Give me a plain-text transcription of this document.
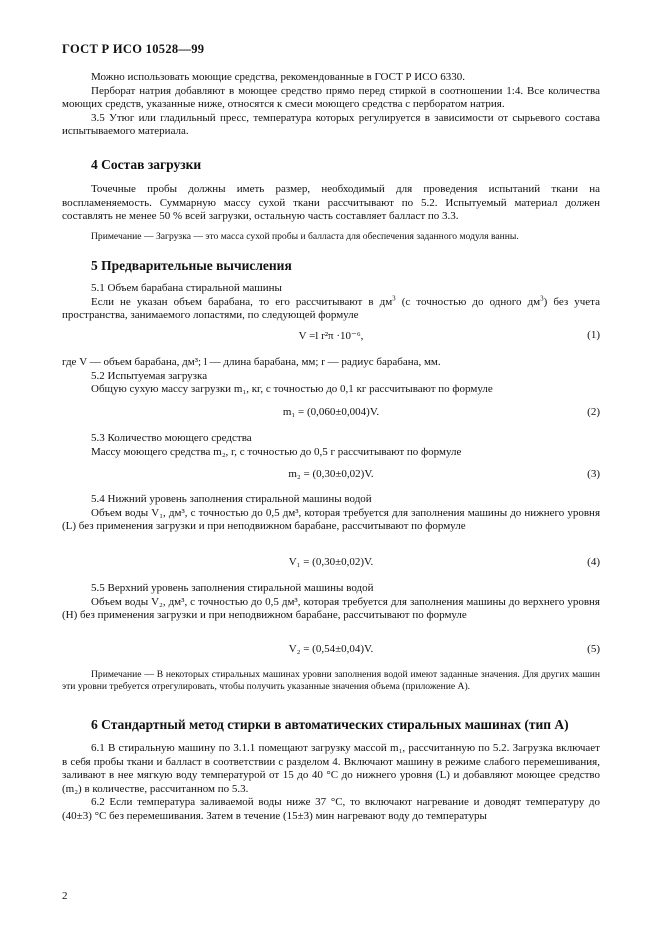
ГОСТ Р ИСО 10528—99

Можно использовать моющие средства, рекомендованные в ГОСТ Р ИСО 6330.

Перборат натрия добавляют в моющее средство прямо перед стиркой в соотношении 1:4. Все количества моющих средств, указанные ниже, относятся к смеси моющего средства с перборатом натрия.

3.5 Утюг или гладильный пресс, температура которых регулируется в зависимости от сырьевого состава испытываемого материала.

4 Состав загрузки

Точечные пробы должны иметь размер, необходимый для проведения испытаний ткани на воспламеняемость. Суммарную массу сухой ткани рассчитывают по 5.2. Испытуемый материал должен составлять не менее 50 % всей загрузки, остальную часть составляет балласт по 3.3.

Примечание — Загрузка — это масса сухой пробы и балласта для обеспечения заданного модуля ванны.

5 Предварительные вычисления

5.1 Объем барабана стиральной машины

Если не указан объем барабана, то его рассчитывают в $дм^3$ (с точностью до одного $дм^3$) без учета пространства, занимаемого лопастями, по следующей формуле

V =l r²π ·10⁻⁶,	(1)

где V — объем барабана, дм³; l — длина барабана, мм; r — радиус барабана, мм.

5.2 Испытуемая загрузка

Общую сухую массу загрузки m₁, кг, с точностью до 0,1 кг рассчитывают по формуле

m₁ = (0,060±0,004)V.	(2)

5.3 Количество моющего средства

Массу моющего средства m₂, г, с точностью до 0,5 г рассчитывают по формуле

m₂ = (0,30±0,02)V.	(3)

5.4 Нижний уровень заполнения стиральной машины водой

Объем воды V₁, дм³, с точностью до 0,5 дм³, которая требуется для заполнения машины до нижнего уровня (L) без применения загрузки и при неподвижном барабане, рассчитывают по формуле

V₁ = (0,30±0,02)V.	(4)

5.5 Верхний уровень заполнения стиральной машины водой

Объем воды V₂, дм³, с точностью до 0,5 дм³, которая требуется для заполнения машины до верхнего уровня (H) без применения загрузки и при неподвижном барабане, рассчитывают по формуле

V₂ = (0,54±0,04)V.	(5)

Примечание — В некоторых стиральных машинах уровни заполнения водой имеют заданные значения. Для других машин эти уровни требуется отрегулировать, чтобы получить указанные значения объема (приложение А).

6 Стандартный метод стирки в автоматических стиральных машинах (тип А)

6.1 В стиральную машину по 3.1.1 помещают загрузку массой m₁, рассчитанную по 5.2. Загрузка включает в себя пробы ткани и балласт в соответствии с разделом 4. Включают машину в режиме слабого перемешивания, заливают в нее мягкую воду температурой от 15 до 40 °С до нижнего уровня (L) и добавляют моющее средство (m₂) в количестве, рассчитанном по 5.3.

6.2 Если температура заливаемой воды ниже 37 °С, то включают нагревание и доводят температуру до (40±3) °С без перемешивания. Затем в течение (15±3) мин нагревают воду до температуры

2
